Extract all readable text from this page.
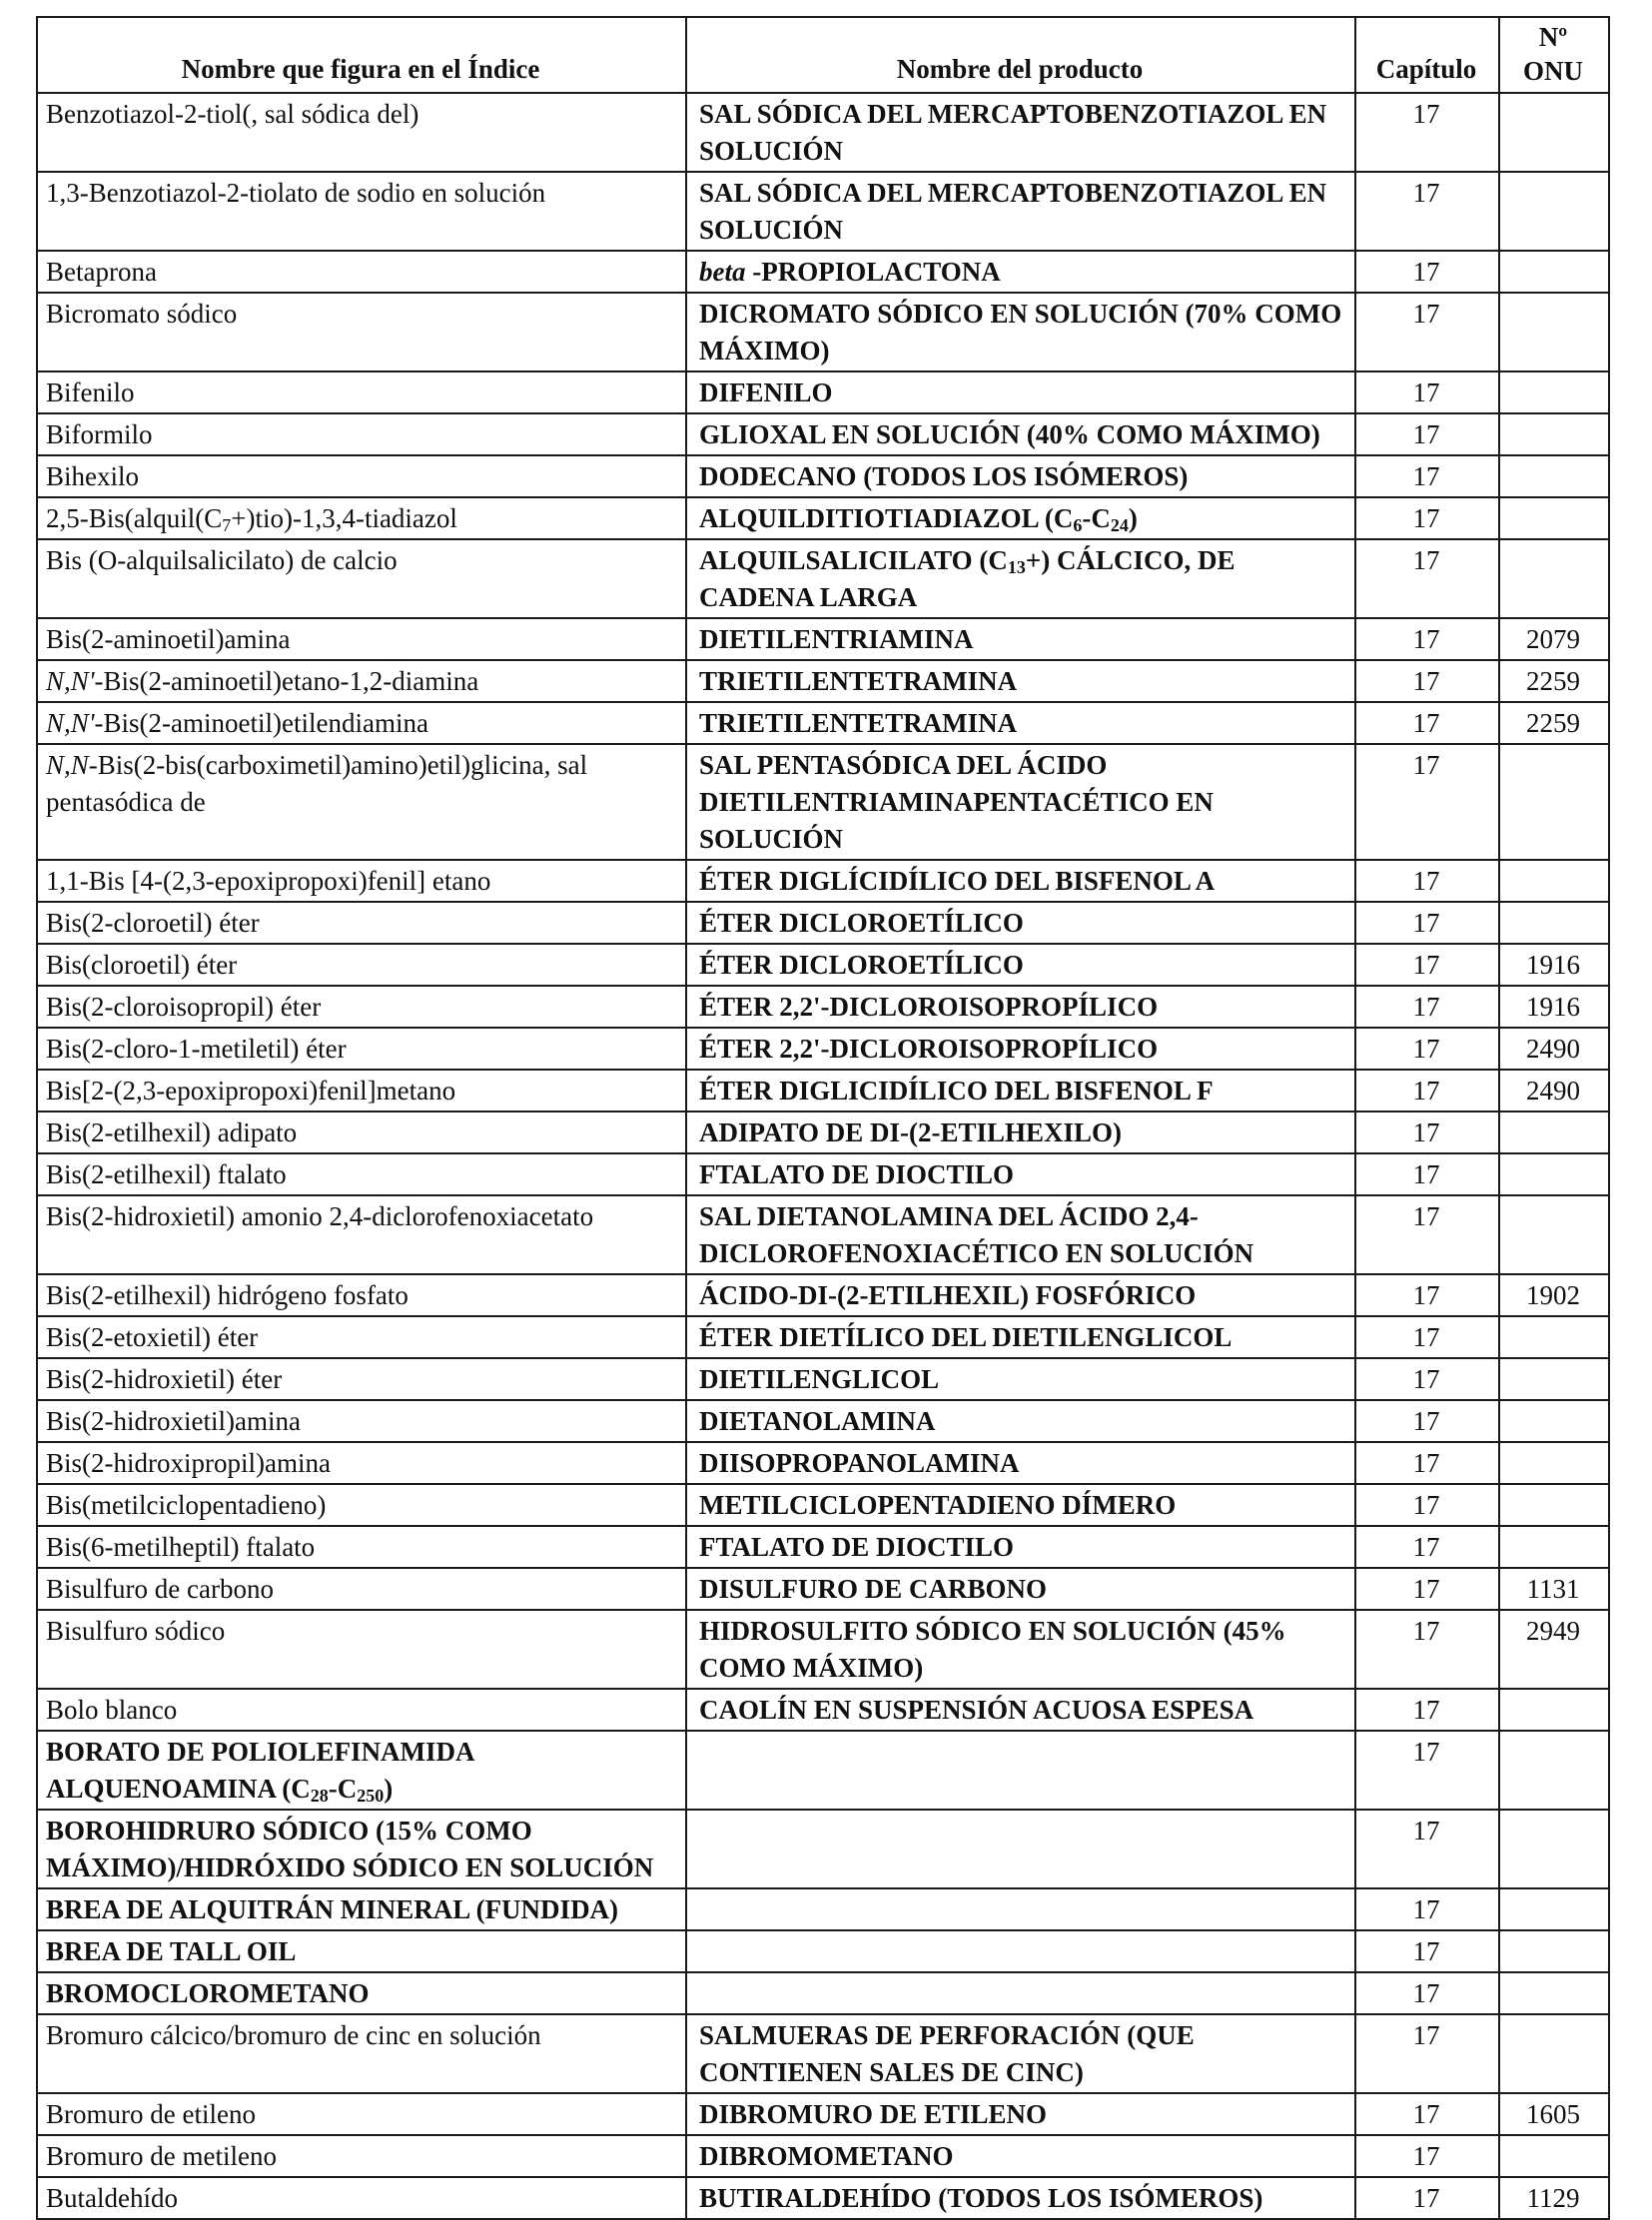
Nombre que figura en el Índice	Nombre del producto	Capítulo	Nº
ONU
Benzotiazol-2-tiol(, sal sódica del)	SAL SÓDICA DEL MERCAPTOBENZOTIAZOL EN SOLUCIÓN	17	
1,3-Benzotiazol-2-tiolato de sodio en solución	SAL SÓDICA DEL MERCAPTOBENZOTIAZOL EN SOLUCIÓN	17	
Betaprona	beta -PROPIOLACTONA	17	
Bicromato sódico	DICROMATO SÓDICO EN SOLUCIÓN (70% COMO MÁXIMO)	17	
Bifenilo	DIFENILO	17	
Biformilo	GLIOXAL EN SOLUCIÓN (40% COMO MÁXIMO)	17	
Bihexilo	DODECANO (TODOS LOS ISÓMEROS)	17	
$2,5-Bis(alquil(C_7+)tio)-1,3,4$-tiadiazol	ALQUILDITIOTIADIAZOL $(C_6-C_{24})$	17	
Bis (O-alquilsalicilato) de calcio	ALQUILSALICILATO $(C_{13}+)$ CÁLCICO, DE CADENA LARGA	17	
Bis(2-aminoetil)amina	DIETILENTRIAMINA	17	2079
N,N'-Bis(2-aminoetil)etano-1,2-diamina	TRIETILENTETRAMINA	17	2259
N,N'-Bis(2-aminoetil)etilendiamina	TRIETILENTETRAMINA	17	2259
N,N-Bis(2-bis(carboximetil)amino)etil)glicina, sal pentasódica de	SAL PENTASÓDICA DEL ÁCIDO DIETILENTRIAMINAPENTACÉTICO EN SOLUCIÓN	17	
1,1-Bis [4-(2,3-epoxipropoxi)fenil] etano	ÉTER DIGLÍCIDÍLICO DEL BISFENOL A	17	
Bis(2-cloroetil) éter	ÉTER DICLOROETÍLICO	17	
Bis(cloroetil) éter	ÉTER DICLOROETÍLICO	17	1916
Bis(2-cloroisopropil) éter	ÉTER 2,2'-DICLOROISOPROPÍLICO	17	1916
Bis(2-cloro-1-metiletil) éter	ÉTER 2,2'-DICLOROISOPROPÍLICO	17	2490
Bis[2-(2,3-epoxipropoxi)fenil]metano	ÉTER DIGLICIDÍLICO DEL BISFENOL F	17	2490
Bis(2-etilhexil) adipato	ADIPATO DE DI-(2-ETILHEXILO)	17	
Bis(2-etilhexil) ftalato	FTALATO DE DIOCTILO	17	
Bis(2-hidroxietil) amonio 2,4-diclorofenoxiacetato	SAL DIETANOLAMINA DEL ÁCIDO 2,4-DICLOROFENOXIACÉTICO EN SOLUCIÓN	17	
Bis(2-etilhexil) hidrógeno fosfato	ÁCIDO-DI-(2-ETILHEXIL) FOSFÓRICO	17	1902
Bis(2-etoxietil) éter	ÉTER DIETÍLICO DEL DIETILENGLICOL	17	
Bis(2-hidroxietil) éter	DIETILENGLICOL	17	
Bis(2-hidroxietil)amina	DIETANOLAMINA	17	
Bis(2-hidroxipropil)amina	DIISOPROPANOLAMINA	17	
Bis(metilciclopentadieno)	METILCICLOPENTADIENO DÍMERO	17	
Bis(6-metilheptil) ftalato	FTALATO DE DIOCTILO	17	
Bisulfuro de carbono	DISULFURO DE CARBONO	17	1131
Bisulfuro sódico	HIDROSULFITO SÓDICO EN SOLUCIÓN (45% COMO MÁXIMO)	17	2949
Bolo blanco	CAOLÍN EN SUSPENSIÓN ACUOSA ESPESA	17	
BORATO DE POLIOLEFINAMIDA ALQUENOAMINA $(C_{28}-C_{250})$		17	
BOROHIDRURO SÓDICO (15% COMO MÁXIMO)/HIDRÓXIDO SÓDICO EN SOLUCIÓN		17	
BREA DE ALQUITRÁN MINERAL (FUNDIDA)		17	
BREA DE TALL OIL		17	
BROMOCLOROMETANO		17	
Bromuro cálcico/bromuro de cinc en solución	SALMUERAS DE PERFORACIÓN (QUE CONTIENEN SALES DE CINC)	17	
Bromuro de etileno	DIBROMURO DE ETILENO	17	1605
Bromuro de metileno	DIBROMOMETANO	17	
Butaldehído	BUTIRALDEHÍDO (TODOS LOS ISÓMEROS)	17	1129
